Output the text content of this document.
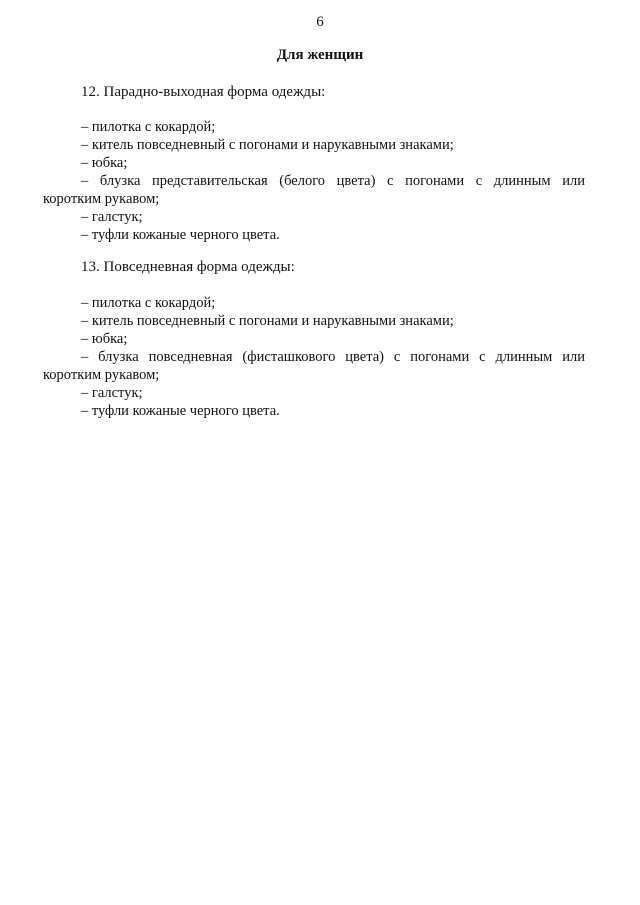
6
Для женщин
12. Парадно-выходная форма одежды:
– пилотка с кокардой;
– китель повседневный с погонами и нарукавными знаками;
– юбка;
– блузка представительская (белого цвета) с погонами с длинным или
коротким рукавом;
– галстук;
– туфли кожаные черного цвета.
13. Повседневная форма одежды:
– пилотка с кокардой;
– китель повседневный с погонами и нарукавными знаками;
– юбка;
– блузка повседневная (фисташкового цвета) с погонами с длинным или
коротким рукавом;
– галстук;
– туфли кожаные черного цвета.
